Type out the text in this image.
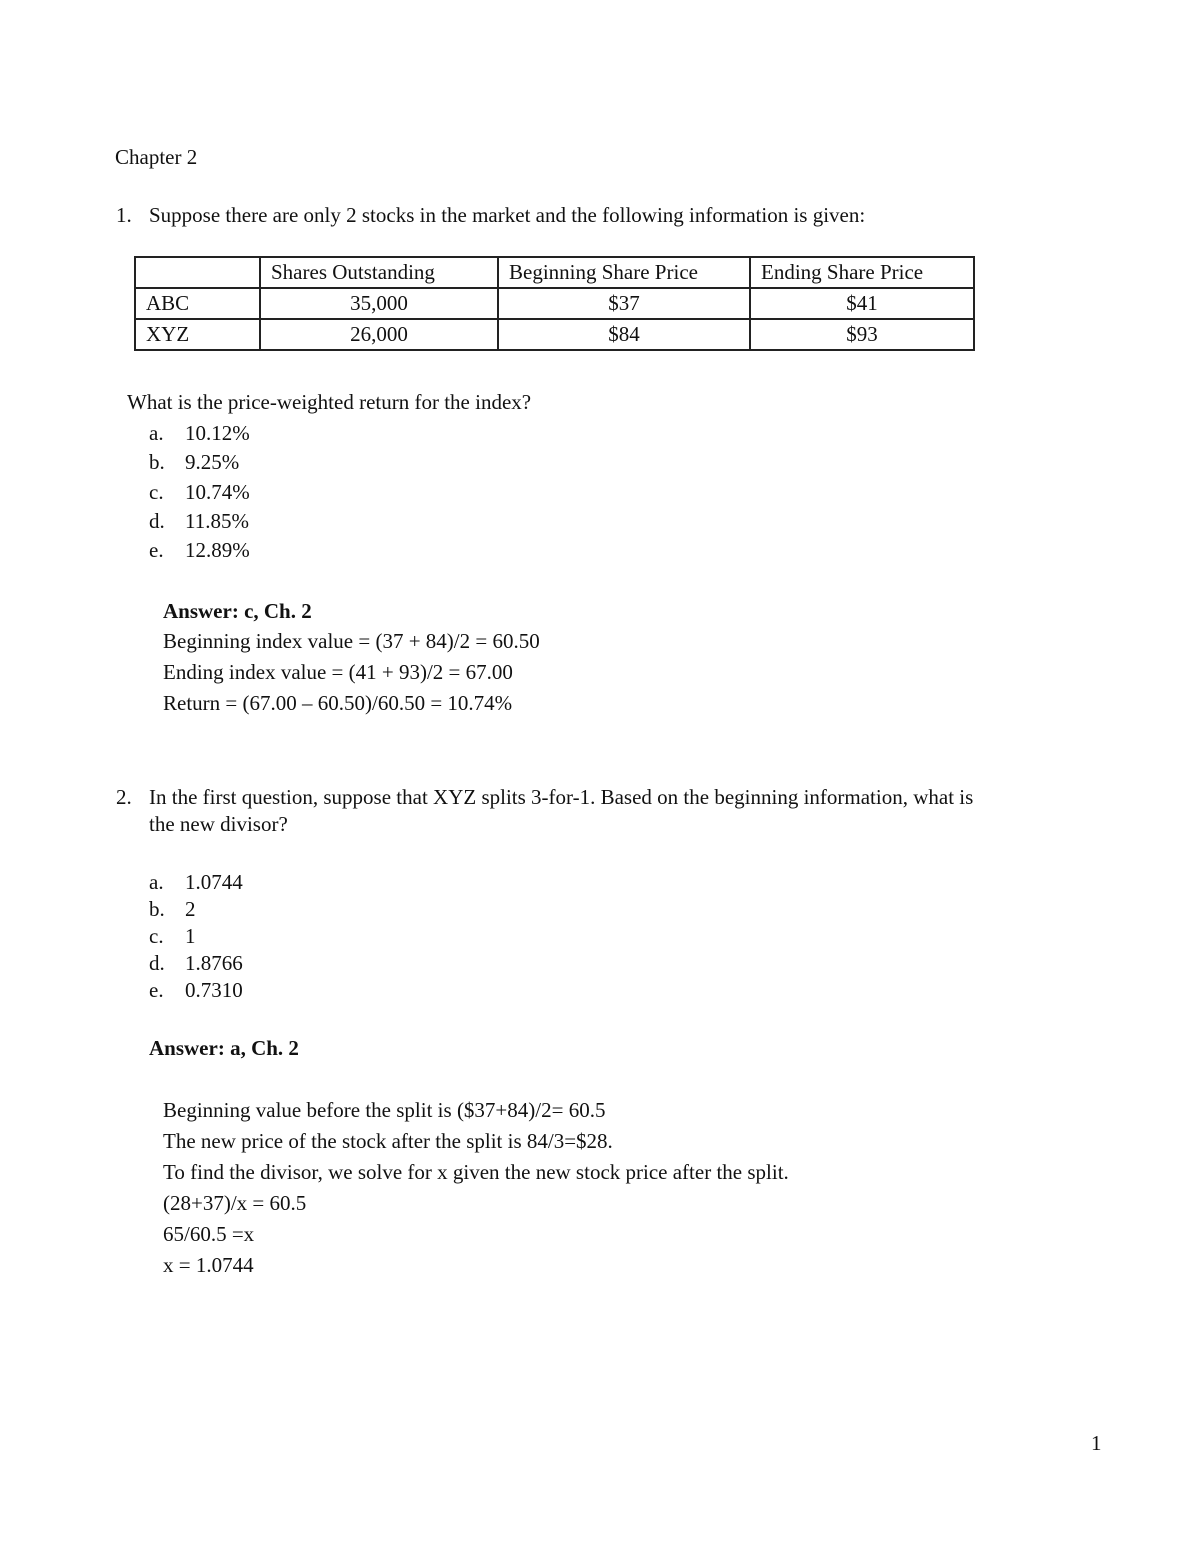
Chapter 2
1. Suppose there are only 2 stocks in the market and the following information is given:
	Shares Outstanding	Beginning Share Price	Ending Share Price
ABC	35,000	$37	$41
XYZ	26,000	$84	$93
What is the price-weighted return for the index?
a. 10.12%
b. 9.25%
c. 10.74%
d. 11.85%
e. 12.89%
Answer: c, Ch. 2
Beginning index value = (37 + 84)/2 = 60.50
Ending index value = (41 + 93)/2 = 67.00
Return = (67.00 – 60.50)/60.50 = 10.74%
2. In the first question, suppose that XYZ splits 3-for-1. Based on the beginning information, what is
the new divisor?
a. 1.0744
b. 2
c. 1
d. 1.8766
e. 0.7310
Answer: a, Ch. 2
Beginning value before the split is ($37+84)/2= 60.5
The new price of the stock after the split is 84/3=$28.
To find the divisor, we solve for x given the new stock price after the split.
(28+37)/x = 60.5
65/60.5 =x
x = 1.0744
1
